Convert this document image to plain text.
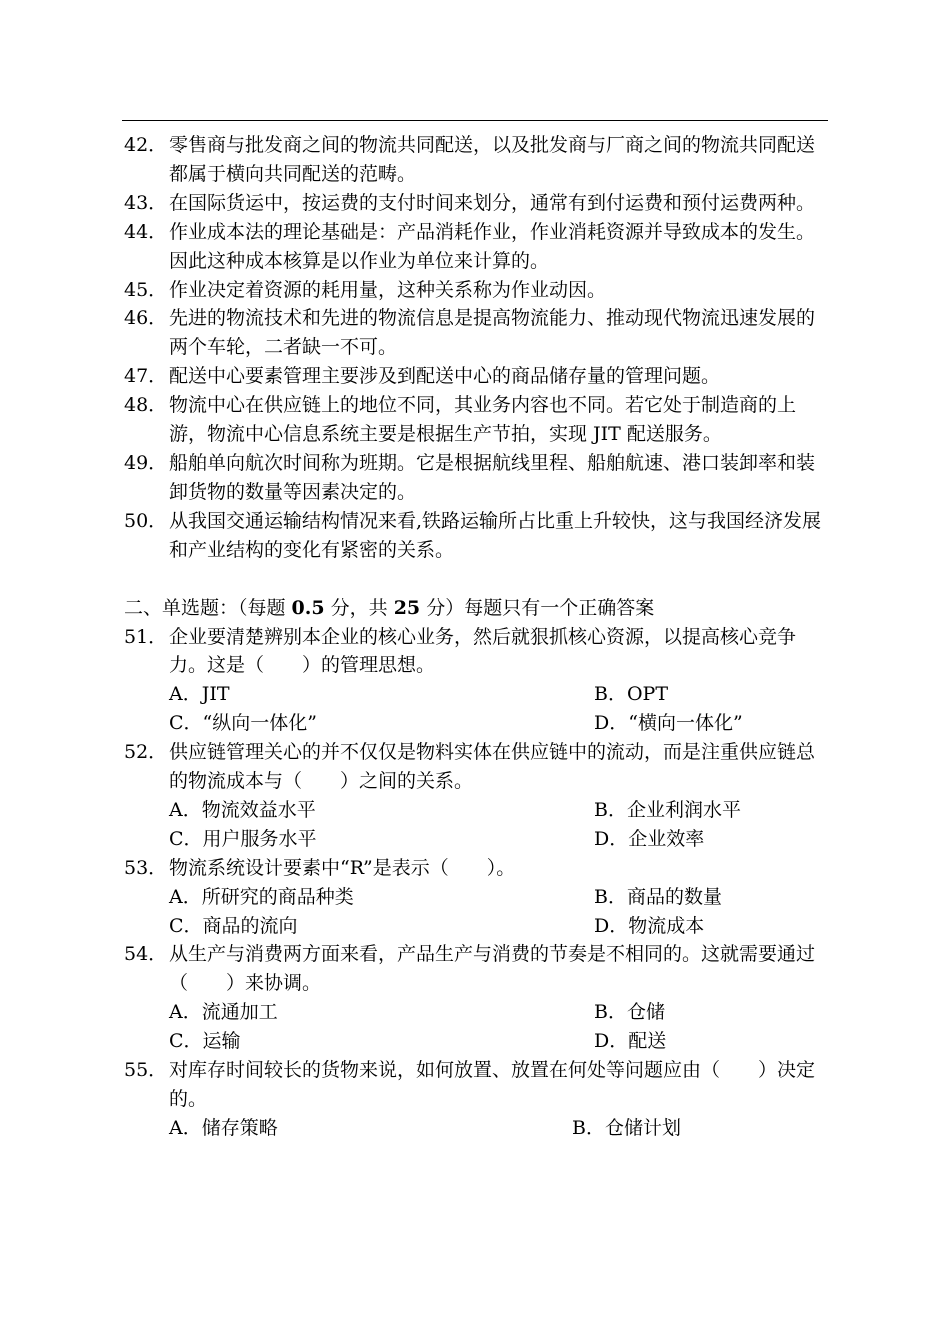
42． 零售商与批发商之间的物流共同配送，以及批发商与厂商之间的物流共同配送都属于横向共同配送的范畴。
43． 在国际货运中，按运费的支付时间来划分，通常有到付运费和预付运费两种。
44． 作业成本法的理论基础是：产品消耗作业，作业消耗资源并导致成本的发生。因此这种成本核算是以作业为单位来计算的。
45． 作业决定着资源的耗用量，这种关系称为作业动因。
46． 先进的物流技术和先进的物流信息是提高物流能力、推动现代物流迅速发展的两个车轮，二者缺一不可。
47． 配送中心要素管理主要涉及到配送中心的商品储存量的管理问题。
48． 物流中心在供应链上的地位不同，其业务内容也不同。若它处于制造商的上游，物流中心信息系统主要是根据生产节拍，实现 JIT 配送服务。
49． 船舶单向航次时间称为班期。它是根据航线里程、船舶航速、港口装卸率和装卸货物的数量等因素决定的。
50． 从我国交通运输结构情况来看,铁路运输所占比重上升较快，这与我国经济发展和产业结构的变化有紧密的关系。
二、单选题：（每题 0.5 分，共 25 分）每题只有一个正确答案
51． 企业要清楚辨别本企业的核心业务，然后就狠抓核心资源，以提高核心竞争力。这是（　　）的管理思想。
A．JIT	B．OPT
C．“纵向一体化”	D．“横向一体化”
52． 供应链管理关心的并不仅仅是物料实体在供应链中的流动，而是注重供应链总的物流成本与（　　）之间的关系。
A．物流效益水平	B．企业利润水平
C．用户服务水平	D．企业效率
53． 物流系统设计要素中“R”是表示（　　）。
A．所研究的商品种类	B．商品的数量
C．商品的流向	D．物流成本
54． 从生产与消费两方面来看，产品生产与消费的节奏是不相同的。这就需要通过（　　）来协调。
A．流通加工	B．仓储
C．运输	D．配送
55． 对库存时间较长的货物来说，如何放置、放置在何处等问题应由（　　）决定的。
A．储存策略	B．仓储计划
